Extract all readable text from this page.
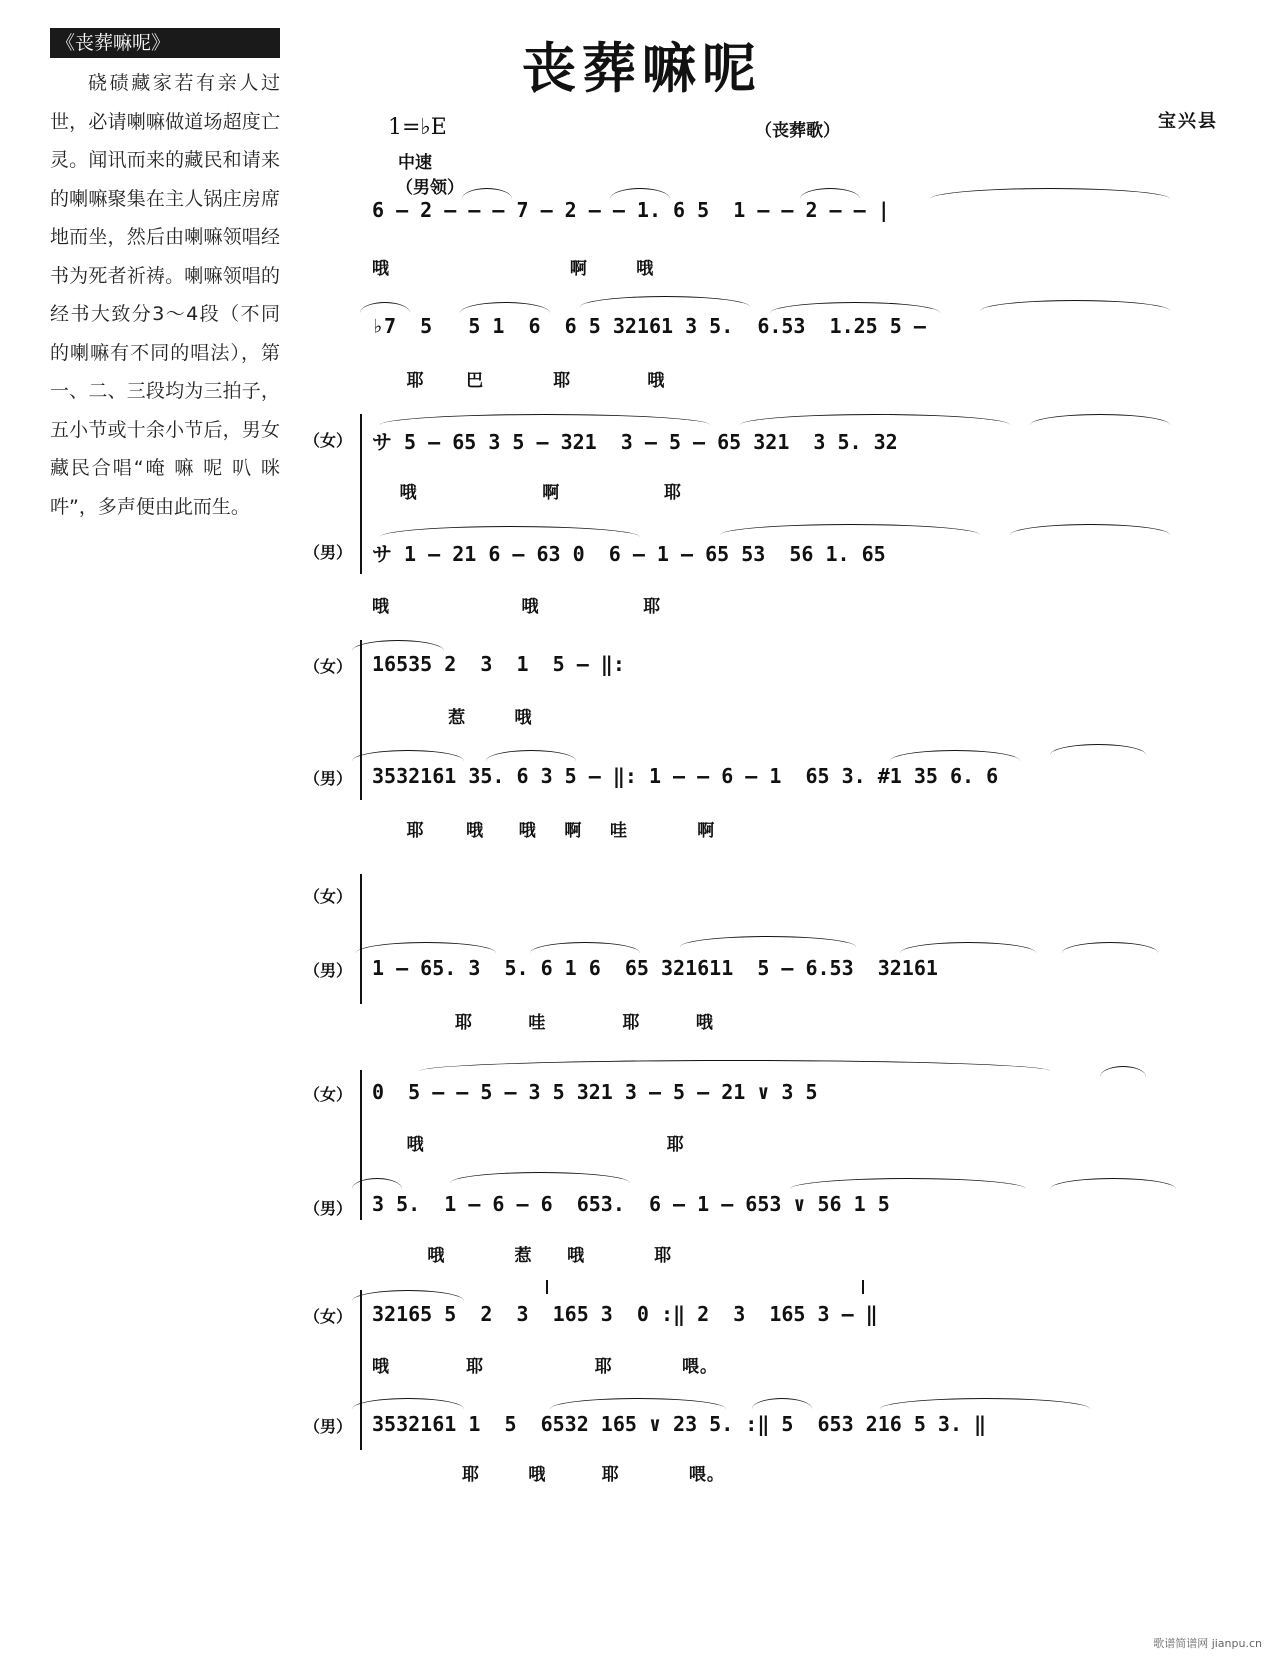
《丧葬嘛呢》
硗碛藏家若有亲人过世，必请喇嘛做道场超度亡灵。闻讯而来的藏民和请来的喇嘛聚集在主人锅庄房席地而坐，然后由喇嘛领唱经书为死者祈祷。喇嘛领唱的经书大致分3～4段（不同的喇嘛有不同的唱法），第一、二、三段均为三拍子，五小节或十余小节后，男女藏民合唱“唵 嘛 呢 叭 咪 吽”，多声便由此而生。
丧葬嘛呢
1=♭E
中速
（男领）
（丧葬歌）	宝兴县
6 – 2 – – – 7 – 2 – – 1. 6 5  1 – – 2 – – |
哦                          啊       哦
♭7  5   5 1  6  6 5 32161 3 5.  6.53  1.25 5 –
耶      巴          耶           哦
（女） サ 5 – 65 3 5 – 321  3 – 5 – 65 321  3 5. 32
哦                  啊               耶
（男） サ 1 – 21 6 – 63 0  6 – 1 – 65 53  56 1. 65
哦                   哦               耶
（女） 16535 2  3  1  5 – ‖:
惹       哦
（男） 3532161 35. 6 3 5 – ‖: 1 – – 6 – 1  65 3. #1 35 6. 6
耶      哦     哦    啊    哇          啊
（女）
（男） 1 – 65. 3  5. 6 1 6  65 321611  5 – 6.53  32161
耶        哇           耶        哦
（女） 0  5 – – 5 – 3 5 321 3 – 5 – 21 ∨ 3 5
哦                                   耶
（男） 3 5.  1 – 6 – 6  653.  6 – 1 – 653 ∨ 56 1 5
哦          惹     哦          耶
（女） 32165 5  2  3  165 3  0 :‖ 2  3  165 3 – ‖
哦           耶                耶          喂。
（男） 3532161 1  5  6532 165 ∨ 23 5. :‖ 5  653 216 5 3. ‖
耶       哦        耶          喂。
歌谱简谱网 jianpu.cn
